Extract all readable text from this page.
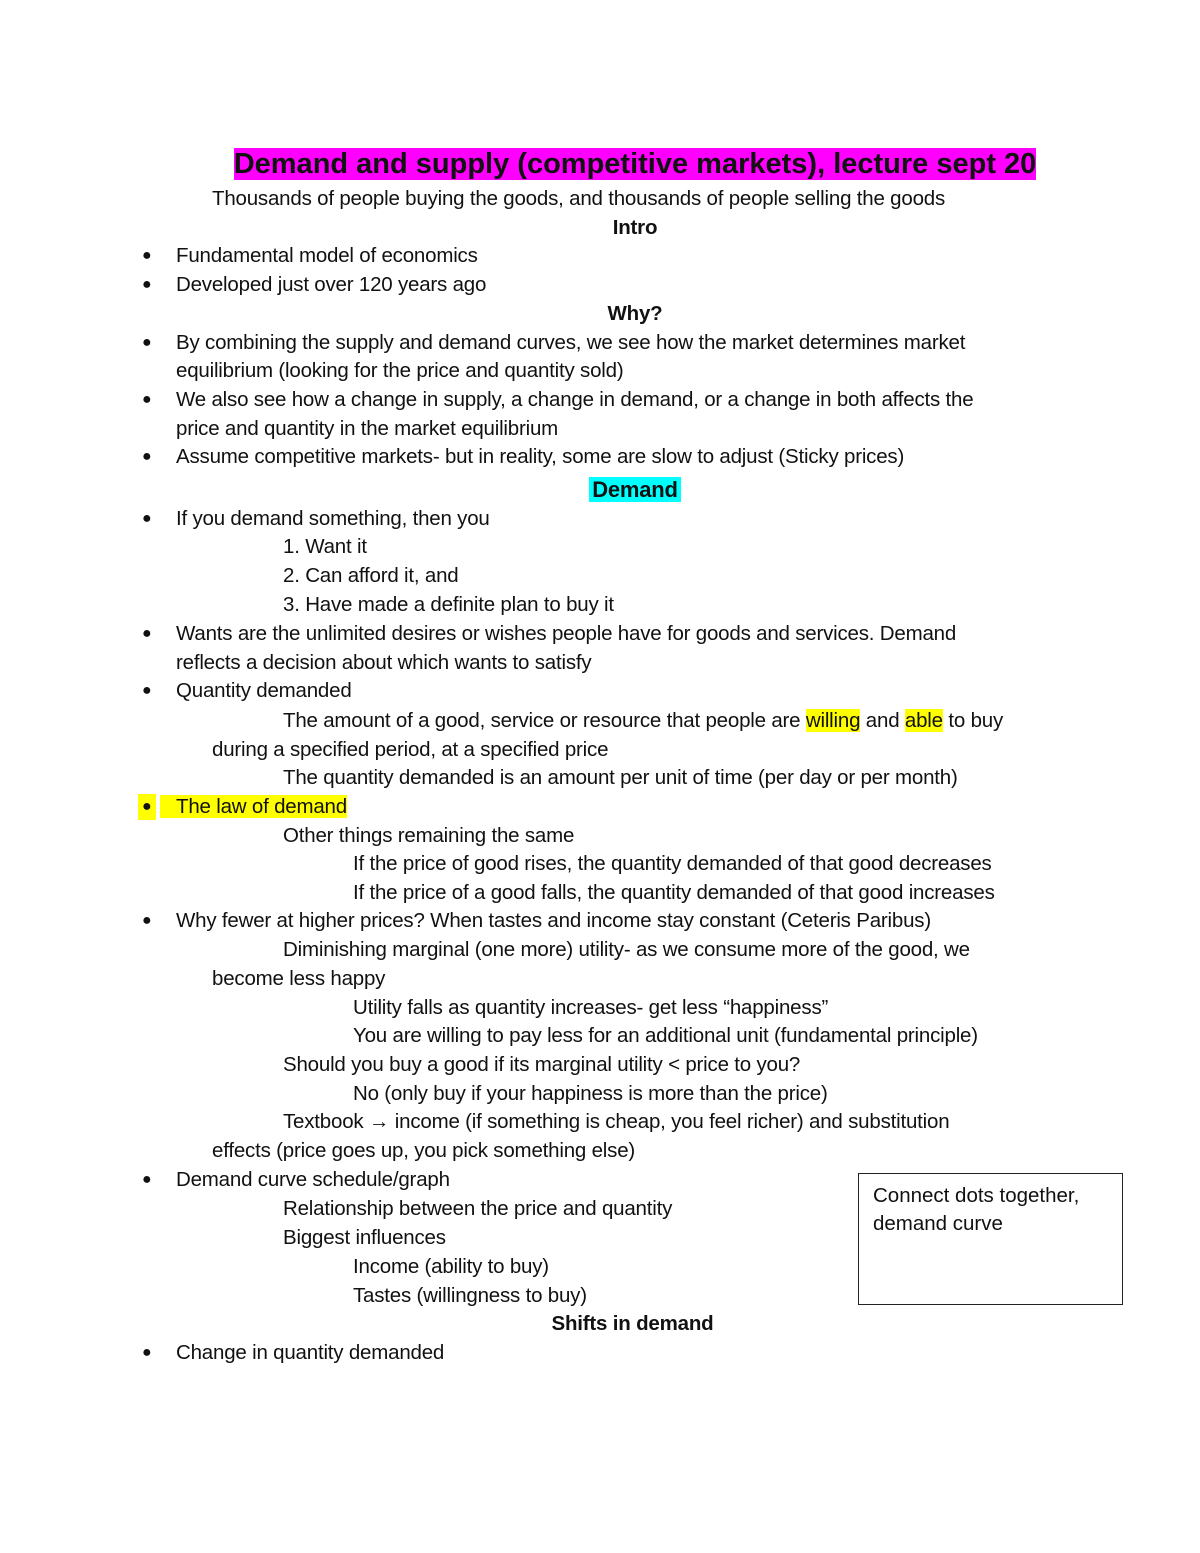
Demand and supply (competitive markets), lecture sept 20
Thousands of people buying the goods, and thousands of people selling the goods
Intro
● Fundamental model of economics
● Developed just over 120 years ago
Why?
● By combining the supply and demand curves, we see how the market determines market
equilibrium (looking for the price and quantity sold)
● We also see how a change in supply, a change in demand, or a change in both affects the
price and quantity in the market equilibrium
● Assume competitive markets- but in reality, some are slow to adjust (Sticky prices)
Demand
● If you demand something, then you
1. Want it
2. Can afford it, and
3. Have made a definite plan to buy it
● Wants are the unlimited desires or wishes people have for goods and services. Demand
reflects a decision about which wants to satisfy
● Quantity demanded
The amount of a good, service or resource that people are willing and able to buy
during a specified period, at a specified price
The quantity demanded is an amount per unit of time (per day or per month)
●	The law of demand
Other things remaining the same
If the price of good rises, the quantity demanded of that good decreases
If the price of a good falls, the quantity demanded of that good increases
● Why fewer at higher prices? When tastes and income stay constant (Ceteris Paribus)
Diminishing marginal (one more) utility- as we consume more of the good, we
become less happy
Utility falls as quantity increases- get less “happiness”
You are willing to pay less for an additional unit (fundamental principle)
Should you buy a good if its marginal utility < price to you?
No (only buy if your happiness is more than the price)
Textbook → income (if something is cheap, you feel richer) and substitution
effects (price goes up, you pick something else)
● Demand curve schedule/graph
Relationship between the price and quantity
Biggest influences
Income (ability to buy)
Tastes (willingness to buy)
Shifts in demand
● Change in quantity demanded
Connect dots together, demand curve
